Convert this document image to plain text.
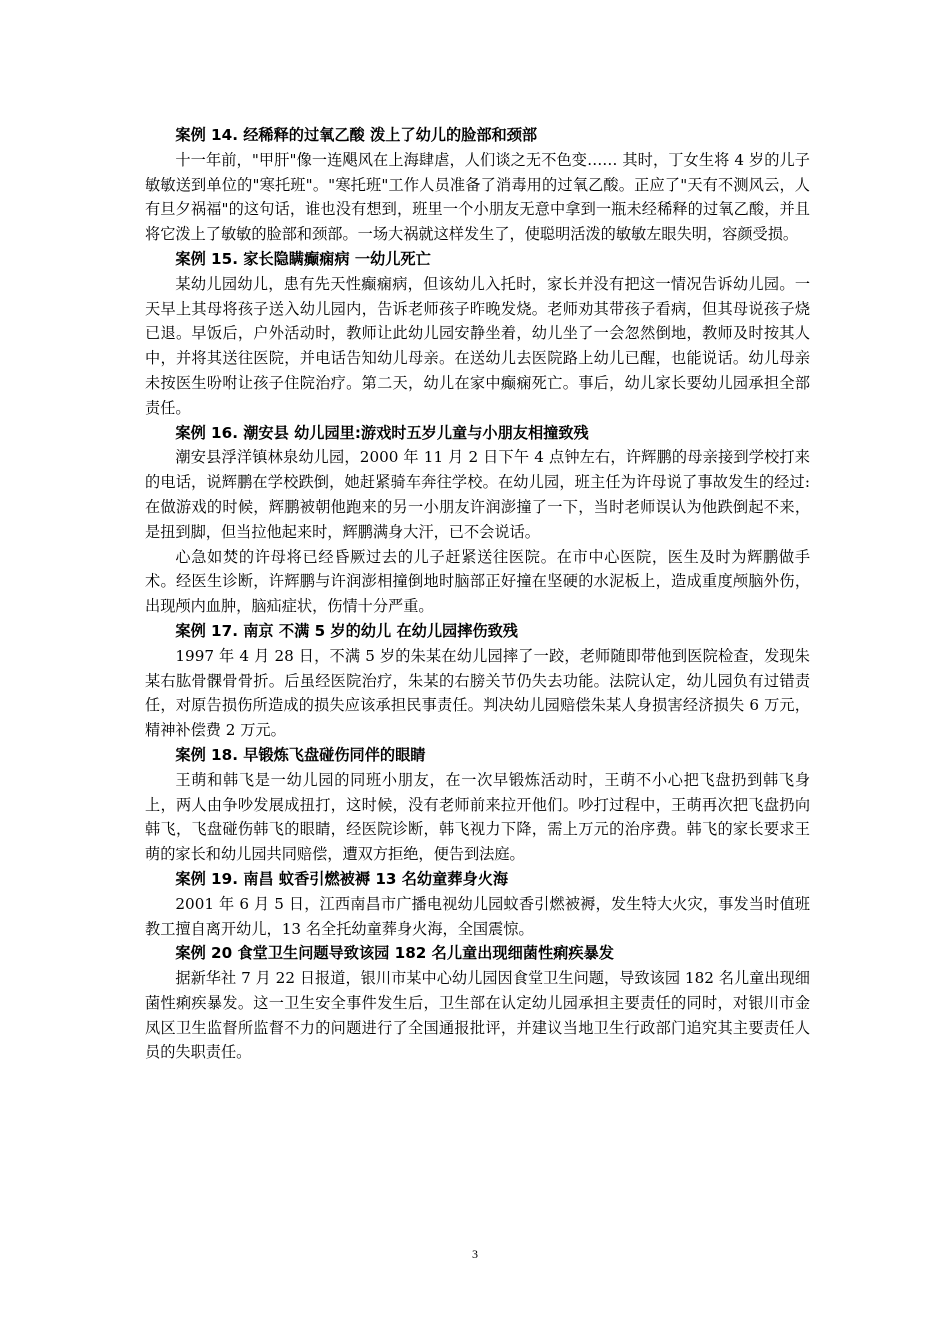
案例 14. 经稀释的过氧乙酸 泼上了幼儿的脸部和颈部

十一年前，"甲肝"像一连飓风在上海肆虐，人们谈之无不色变…… 其时，丁女生将 4 岁的儿子敏敏送到单位的"寒托班"。"寒托班"工作人员准备了消毒用的过氧乙酸。正应了"天有不测风云，人有旦夕祸福"的这句话，谁也没有想到，班里一个小朋友无意中拿到一瓶未经稀释的过氧乙酸，并且将它泼上了敏敏的脸部和颈部。一场大祸就这样发生了，使聪明活泼的敏敏左眼失明，容颜受损。

案例 15. 家长隐瞒癫痫病 一幼儿死亡

某幼儿园幼儿，患有先天性癫痫病，但该幼儿入托时，家长并没有把这一情况告诉幼儿园。一天早上其母将孩子送入幼儿园内，告诉老师孩子昨晚发烧。老师劝其带孩子看病，但其母说孩子烧已退。早饭后，户外活动时，教师让此幼儿园安静坐着，幼儿坐了一会忽然倒地，教师及时按其人中，并将其送往医院，并电话告知幼儿母亲。在送幼儿去医院路上幼儿已醒，也能说话。幼儿母亲未按医生吩咐让孩子住院治疗。第二天，幼儿在家中癫痫死亡。事后，幼儿家长要幼儿园承担全部责任。

案例 16. 潮安县 幼儿园里:游戏时五岁儿童与小朋友相撞致残

潮安县浮洋镇林泉幼儿园，2000 年 11 月 2 日下午 4 点钟左右，许辉鹏的母亲接到学校打来的电话，说辉鹏在学校跌倒，她赶紧骑车奔往学校。在幼儿园，班主任为许母说了事故发生的经过:在做游戏的时候，辉鹏被朝他跑来的另一小朋友许润澎撞了一下，当时老师误认为他跌倒起不来，是扭到脚，但当拉他起来时，辉鹏满身大汗，已不会说话。

心急如焚的许母将已经昏厥过去的儿子赶紧送往医院。在市中心医院，医生及时为辉鹏做手术。经医生诊断，许辉鹏与许润澎相撞倒地时脑部正好撞在坚硬的水泥板上，造成重度颅脑外伤，出现颅内血肿，脑疝症状，伤情十分严重。

案例 17. 南京 不满 5 岁的幼儿 在幼儿园摔伤致残

1997 年 4 月 28 日，不满 5 岁的朱某在幼儿园摔了一跤，老师随即带他到医院检查，发现朱某右肱骨髁骨骨折。后虽经医院治疗，朱某的右膀关节仍失去功能。法院认定，幼儿园负有过错责任，对原告损伤所造成的损失应该承担民事责任。判决幼儿园赔偿朱某人身损害经济损失 6 万元，精神补偿费 2 万元。

案例 18. 早锻炼飞盘碰伤同伴的眼睛

王萌和韩飞是一幼儿园的同班小朋友，在一次早锻炼活动时，王萌不小心把飞盘扔到韩飞身上，两人由争吵发展成扭打，这时候，没有老师前来拉开他们。吵打过程中，王萌再次把飞盘扔向韩飞，飞盘碰伤韩飞的眼睛，经医院诊断，韩飞视力下降，需上万元的治序费。韩飞的家长要求王萌的家长和幼儿园共同赔偿，遭双方拒绝，便告到法庭。

案例 19. 南昌 蚊香引燃被褥 13 名幼童葬身火海

2001 年 6 月 5 日，江西南昌市广播电视幼儿园蚊香引燃被褥，发生特大火灾，事发当时值班教工擅自离开幼儿，13 名全托幼童葬身火海，全国震惊。

案例 20 食堂卫生问题导致该园 182 名儿童出现细菌性痢疾暴发

据新华社 7 月 22 日报道，银川市某中心幼儿园因食堂卫生问题，导致该园 182 名儿童出现细菌性痢疾暴发。这一卫生安全事件发生后，卫生部在认定幼儿园承担主要责任的同时，对银川市金凤区卫生监督所监督不力的问题进行了全国通报批评，并建议当地卫生行政部门追究其主要责任人员的失职责任。

3
